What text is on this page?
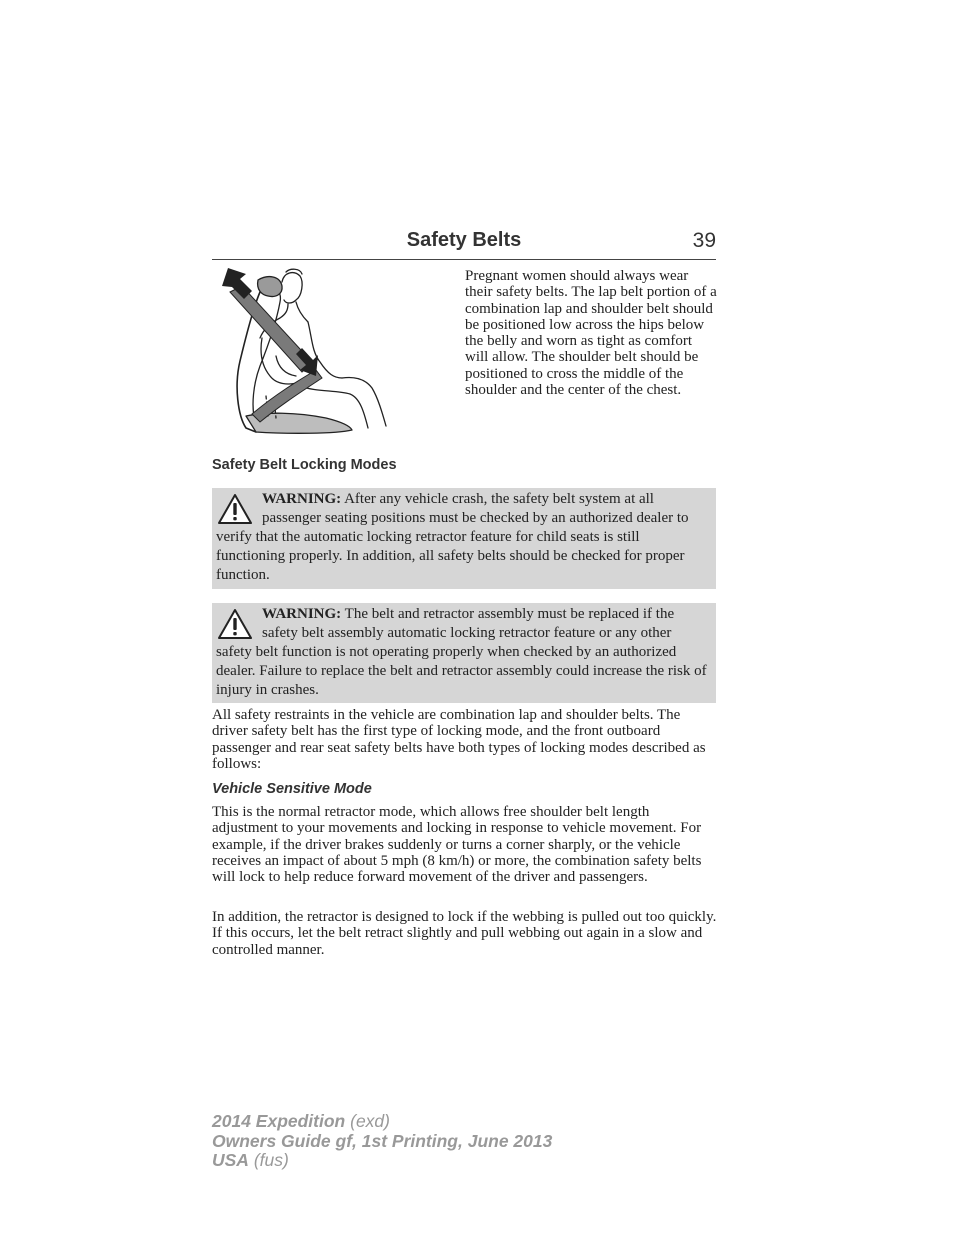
Safety Belts	39

Pregnant women should always wear their safety belts. The lap belt portion of a combination lap and shoulder belt should be positioned low across the hips below the belly and worn as tight as comfort will allow. The shoulder belt should be positioned to cross the middle of the shoulder and the center of the chest.

Safety Belt Locking Modes

WARNING: After any vehicle crash, the safety belt system at all passenger seating positions must be checked by an authorized dealer to verify that the automatic locking retractor feature for child seats is still functioning properly. In addition, all safety belts should be checked for proper function.

WARNING: The belt and retractor assembly must be replaced if the safety belt assembly automatic locking retractor feature or any other safety belt function is not operating properly when checked by an authorized dealer. Failure to replace the belt and retractor assembly could increase the risk of injury in crashes.

All safety restraints in the vehicle are combination lap and shoulder belts. The driver safety belt has the first type of locking mode, and the front outboard passenger and rear seat safety belts have both types of locking modes described as follows:

Vehicle Sensitive Mode

This is the normal retractor mode, which allows free shoulder belt length adjustment to your movements and locking in response to vehicle movement. For example, if the driver brakes suddenly or turns a corner sharply, or the vehicle receives an impact of about 5 mph (8 km/h) or more, the combination safety belts will lock to help reduce forward movement of the driver and passengers.

In addition, the retractor is designed to lock if the webbing is pulled out too quickly. If this occurs, let the belt retract slightly and pull webbing out again in a slow and controlled manner.

2014 Expedition (exd)
Owners Guide gf, 1st Printing, June 2013
USA (fus)
